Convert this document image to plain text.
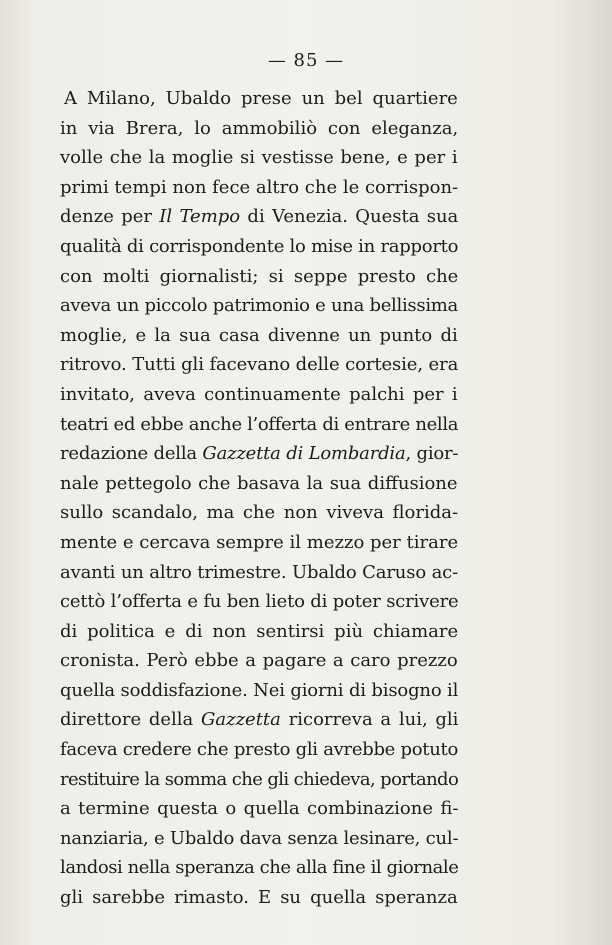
— 85 —
A Milano, Ubaldo prese un bel quartiere
in via Brera, lo ammobiliò con eleganza,
volle che la moglie si vestisse bene, e per i
primi tempi non fece altro che le corrispon-
denze per Il Tempo di Venezia. Questa sua
qualità di corrispondente lo mise in rapporto
con molti giornalisti; si seppe presto che
aveva un piccolo patrimonio e una bellissima
moglie, e la sua casa divenne un punto di
ritrovo. Tutti gli facevano delle cortesie, era
invitato, aveva continuamente palchi per i
teatri ed ebbe anche l’offerta di entrare nella
redazione della Gazzetta di Lombardia, gior-
nale pettegolo che basava la sua diffusione
sullo scandalo, ma che non viveva florida-
mente e cercava sempre il mezzo per tirare
avanti un altro trimestre. Ubaldo Caruso ac-
cettò l’offerta e fu ben lieto di poter scrivere
di politica e di non sentirsi più chiamare
cronista. Però ebbe a pagare a caro prezzo
quella soddisfazione. Nei giorni di bisogno il
direttore della Gazzetta ricorreva a lui, gli
faceva credere che presto gli avrebbe potuto
restituire la somma che gli chiedeva, portando
a termine questa o quella combinazione fi-
nanziaria, e Ubaldo dava senza lesinare, cul-
landosi nella speranza che alla fine il giornale
gli sarebbe rimasto. E su quella speranza
